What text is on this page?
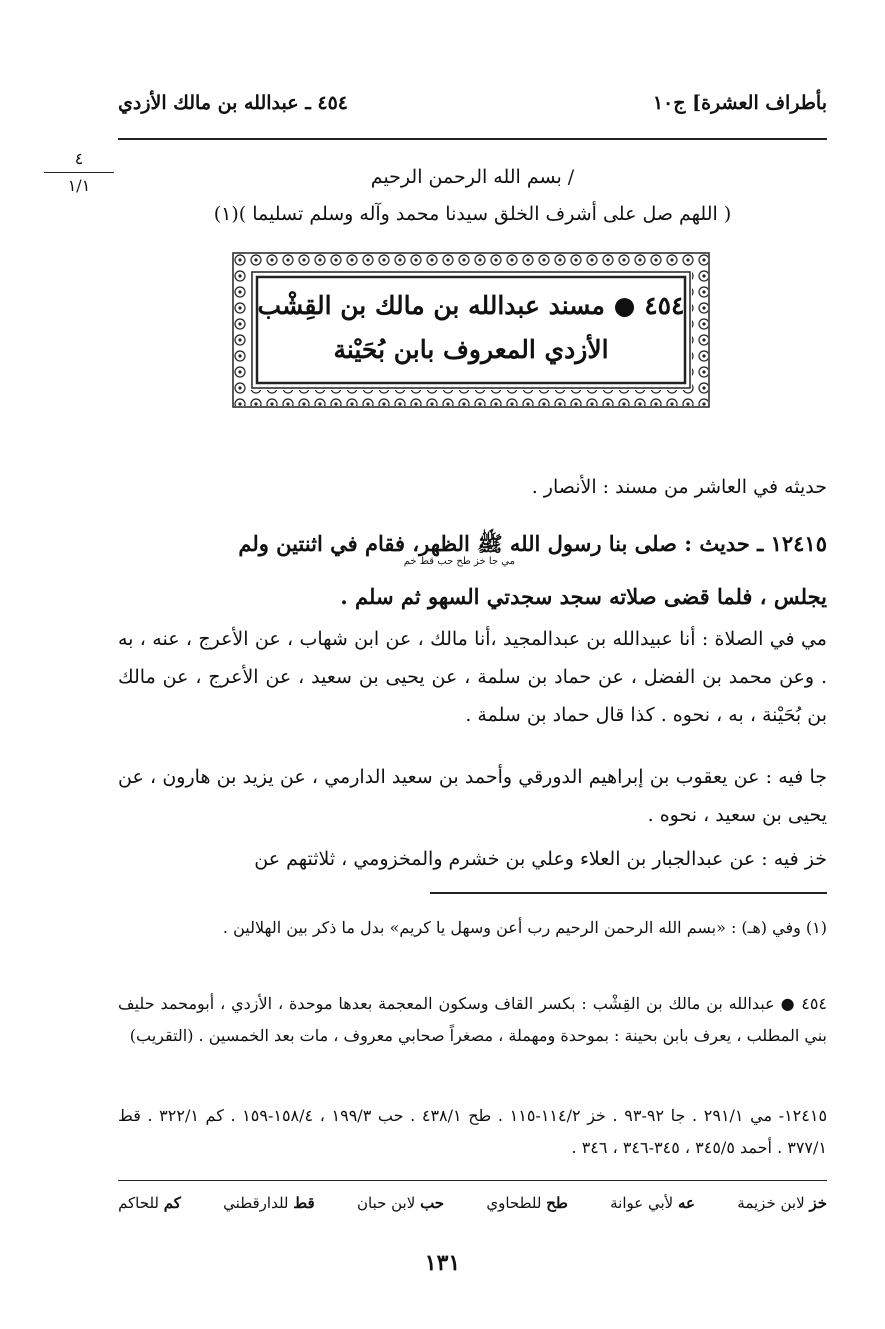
بأطراف العشرة] ج١٠
٤٥٤ ـ عبدالله بن مالك الأزدي
٤
١/١	/ بسم الله الرحمن الرحيم
( اللهم صل على أشرف الخلق سيدنا محمد وآله وسلم تسليما )(١)
٤٥٤ ● مسند عبدالله بن مالك بن القِشْب
الأزدي المعروف بابن بُحَيْنة
حديثه في العاشر من مسند : الأنصار .
١٢٤١٥ ـ حديث : صلى بنا رسول الله ﷺ الظهر، فقام في اثنتين ولم
مي جا خز طح حب قط خم
يجلس ، فلما قضى صلاته سجد سجدتي السهو ثم سلم .
مي في الصلاة : أنا عبيدالله بن عبدالمجيد ،أنا مالك ، عن ابن شهاب ، عن الأعرج ، عنه ، به . وعن محمد بن الفضل ، عن حماد بن سلمة ، عن يحيى بن سعيد ، عن الأعرج ، عن مالك بن بُحَيْنة ، به ، نحوه . كذا قال حماد بن سلمة .
جا فيه : عن يعقوب بن إبراهيم الدورقي وأحمد بن سعيد الدارمي ، عن يزيد بن هارون ، عن يحيى بن سعيد ، نحوه .
خز فيه : عن عبدالجبار بن العلاء وعلي بن خشرم والمخزومي ، ثلاثتهم عن
(١) وفي (هـ) : «بسم الله الرحمن الرحيم رب أعن وسهل يا كريم» بدل ما ذكر بين الهلالين .
٤٥٤ ● عبدالله بن مالك بن القِشْب : بكسر القاف وسكون المعجمة بعدها موحدة ، الأزدي ، أبومحمد حليف بني المطلب ، يعرف بابن بحينة : بموحدة ومهملة ، مصغراً صحابي معروف ، مات بعد الخمسين . (التقريب)
١٢٤١٥- مي ٢٩١/١ . جا ٩٢-٩٣ . خز ١١٤/٢-١١٥ . طح ٤٣٨/١ . حب ١٩٩/٣ ، ١٥٨/٤-١٥٩ . كم ٣٢٢/١ . قط ٣٧٧/١ . أحمد ٣٤٥/٥ ، ٣٤٥-٣٤٦ ، ٣٤٦ .
خز لابن خزيمة
عه لأبي عوانة
طح للطحاوي
حب لابن حبان
قط للدارقطني
كم للحاكم
١٣١
